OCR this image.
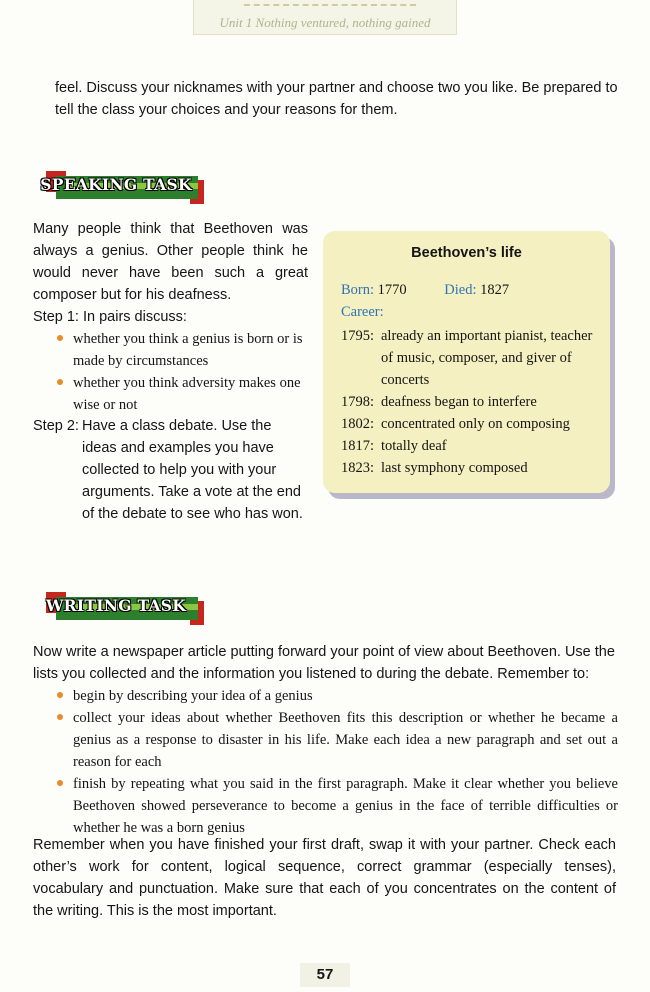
Unit 1 Nothing ventured, nothing gained

feel. Discuss your nicknames with your partner and choose two you like. Be prepared to tell the class your choices and your reasons for them.

SPEAKING TASK

Many people think that Beethoven was always a genius. Other people think he would never have been such a great composer but for his deafness.

Step 1: In pairs discuss:

whether you think a genius is born or is made by circumstances
whether you think adversity makes one wise or not
Step 2: Have a class debate. Use the ideas and examples you have collected to help you with your arguments. Take a vote at the end of the debate to see who has won.
Beethoven’s life
Born: 1770	Died: 1827
Career:
1795: already an important pianist, teacher of music, composer, and giver of concerts
1798: deafness began to interfere
1802: concentrated only on composing
1817: totally deaf
1823: last symphony composed
WRITING TASK

Now write a newspaper article putting forward your point of view about Beethoven. Use the lists you collected and the information you listened to during the debate. Remember to:

begin by describing your idea of a genius
collect your ideas about whether Beethoven fits this description or whether he became a genius as a response to disaster in his life. Make each idea a new paragraph and set out a reason for each
finish by repeating what you said in the first paragraph. Make it clear whether you believe Beethoven showed perseverance to become a genius in the face of terrible difficulties or whether he was a born genius

Remember when you have finished your first draft, swap it with your partner. Check each other’s work for content, logical sequence, correct grammar (especially tenses), vocabulary and punctuation. Make sure that each of you concentrates on the content of the writing. This is the most important.

57
